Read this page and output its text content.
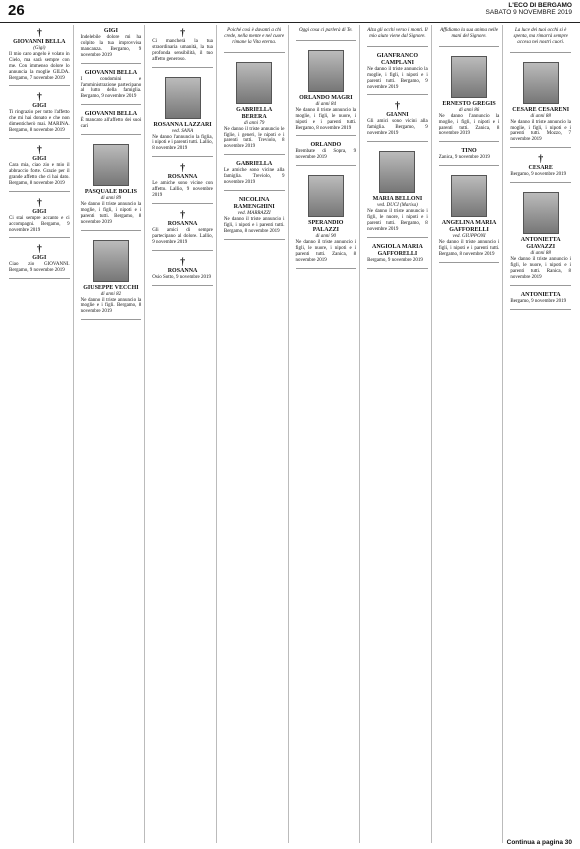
26	L'ECO DI BERGAMO
SABATO 9 NOVEMBRE 2019
†
GIOVANNI BELLA
(Gigi)
Il mio caro angelo è volato in Cielo, ma sarà sempre con me. Con immenso dolore lo annuncia la moglie GILDA. Bergamo, 7 novembre 2019
†
GIGI
Ti ringrazio per tutto l'affetto che mi hai donato e che non dimenticherò mai. MARINA. Bergamo, 8 novembre 2019
†
GIGI
Cara mia, ciao zio e mio il abbraccio forte. Grazie per il grande affetto che ci hai dato. Bergamo, 8 novembre 2019
†
GIGI
Ci stai sempre accanto e ci accompagni. Bergamo, 9 novembre 2019
†
GIGI
Ciao zio GIOVANNI. Bergamo, 9 novembre 2019
GIGI
Indelebile dolore mi ha colpito la tua improvvisa mancanza. Bergamo, 9 novembre 2019
GIOVANNI BELLA
I condomini e l'amministrazione partecipano al lutto della famiglia. Bergamo, 9 novembre 2019
GIOVANNI BELLA
È mancato all'affetto dei suoi cari
PASQUALE BOLIS
di anni 89
Ne danno il triste annuncio la moglie, i figli, i nipoti e i parenti tutti. Bergamo, 8 novembre 2019
GIUSEPPE VECCHI
di anni 82
Ne danno il triste annuncio la moglie e i figli. Bergamo, 8 novembre 2019
†
Ci mancherà la tua straordinaria umanità, la tua profonda sensibilità, il tuo affetto generoso.
ROSANNA LAZZARI
ved. SANA
Ne danno l'annuncio la figlia, i nipoti e i parenti tutti. Lallio, 8 novembre 2019
†
ROSANNA
Le amiche sono vicine con affetto. Lallio, 9 novembre 2019
†
ROSANNA
Gli amici di sempre partecipano al dolore. Lallio, 9 novembre 2019
†
ROSANNA
Osio Sotto, 9 novembre 2019
Poiché così è davanti a chi crede, nella mente e nel cuore rimane la Vita eterna.
GABRIELLA BERERA
di anni 79
Ne danno il triste annuncio le figlie, i generi, le nipoti e i parenti tutti. Treviolo, 8 novembre 2019
GABRIELLA
Le amiche sono vicine alla famiglia. Treviolo, 9 novembre 2019
NICOLINA RAMENGHINI
ved. MARRAZZI
Ne danno il triste annuncio i figli, i nipoti e i parenti tutti. Bergamo, 8 novembre 2019
Oggi cosa ci parlerà di Te.
ORLANDO MAGRI
di anni 84
Ne danno il triste annuncio la moglie, i figli, le nuore, i nipoti e i parenti tutti. Bergamo, 8 novembre 2019
ORLANDO
Brembate di Sopra, 9 novembre 2019
SPERANDIO PALAZZI
di anni 90
Ne danno il triste annuncio i figli, le nuore, i nipoti e i parenti tutti. Zanica, 8 novembre 2019
Alza gli occhi verso i monti. Il mio aiuto viene dal Signore.
GIANFRANCO CAMPLANI
Ne danno il triste annuncio la moglie, i figli, i nipoti e i parenti tutti. Bergamo, 9 novembre 2019
†
GIANNI
Gli amici sono vicini alla famiglia. Bergamo, 9 novembre 2019
MARIA BELLONI
ved. DUCI (Marisa)
Ne danno il triste annuncio i figli, le nuore, i nipoti e i parenti tutti. Bergamo, 8 novembre 2019
ANGIOLA MARIA GAFFORELLI
Bergamo, 9 novembre 2019
Affidiamo la sua anima nelle mani del Signore.
ERNESTO GREGIS
di anni 86
Ne danno l'annuncio la moglie, i figli, i nipoti e i parenti tutti. Zanica, 8 novembre 2019
TINO
Zanica, 9 novembre 2019
ANGELINA MARIA GAFFORELLI
ved. GIUPPONI
Ne danno il triste annuncio i figli, i nipoti e i parenti tutti. Bergamo, 8 novembre 2019
La luce dei tuoi occhi si è spenta, ma rimarrà sempre accesa nei nostri cuori.
CESARE CESARENI
di anni 88
Ne danno il triste annuncio la moglie, i figli, i nipoti e i parenti tutti. Mozzo, 7 novembre 2019
†
CESARE
Bergamo, 9 novembre 2019
ANTONIETTA GIAVAZZI
di anni 88
Ne danno il triste annuncio i figli, le nuore, i nipoti e i parenti tutti. Ranica, 8 novembre 2019
ANTONIETTA
Bergamo, 9 novembre 2019
Continua a pagina 30
